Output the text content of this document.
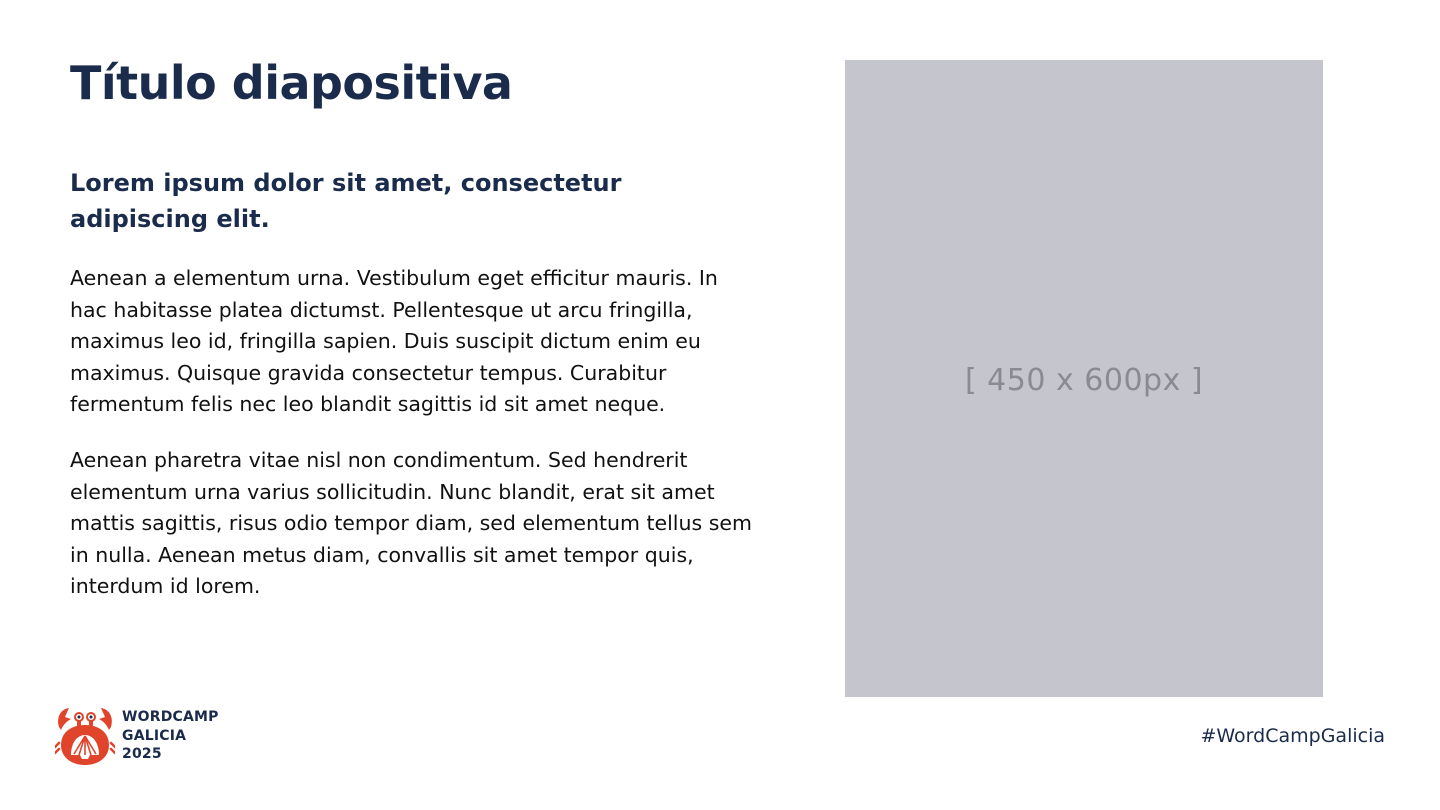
Título diapositiva
Lorem ipsum dolor sit amet, consectetur adipiscing elit.

Aenean a elementum urna. Vestibulum eget efficitur mauris. In hac habitasse platea dictumst. Pellentesque ut arcu fringilla, maximus leo id, fringilla sapien. Duis suscipit dictum enim eu maximus. Quisque gravida consectetur tempus. Curabitur fermentum felis nec leo blandit sagittis id sit amet neque.

Aenean pharetra vitae nisl non condimentum. Sed hendrerit elementum urna varius sollicitudin. Nunc blandit, erat sit amet mattis sagittis, risus odio tempor diam, sed elementum tellus sem in nulla. Aenean metus diam, convallis sit amet tempor quis, interdum id lorem.

[ 450 x 600px ]
WORDCAMP
GALICIA
2025
#WordCampGalicia
